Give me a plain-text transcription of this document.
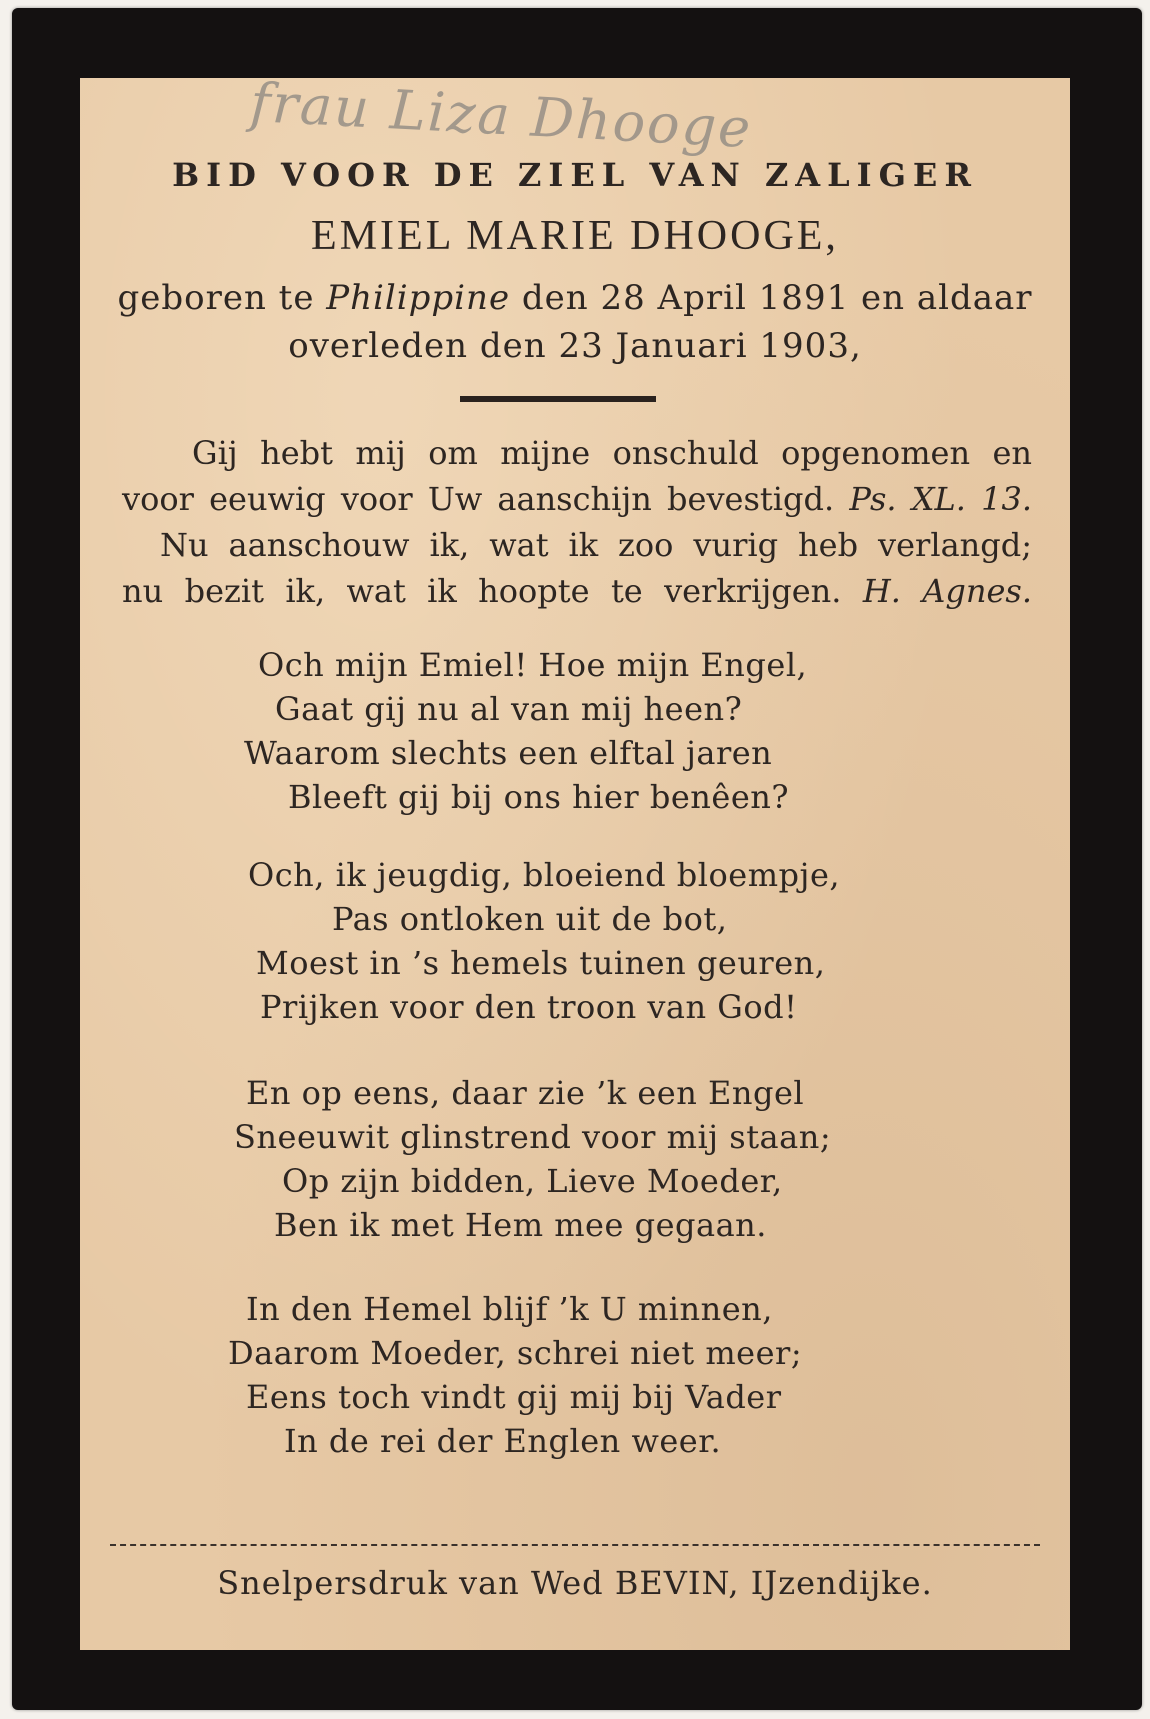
frau Liza Dhooge
BID VOOR DE ZIEL VAN ZALIGER
EMIEL MARIE DHOOGE,
geboren te Philippine den 28 April 1891 en aldaar
overleden den 23 Januari 1903,
Gij hebt mij om mijne onschuld opgenomen en
voor eeuwig voor Uw aanschijn bevestigd. Ps. XL. 13.
Nu aanschouw ik, wat ik zoo vurig heb verlangd;
nu bezit ik, wat ik hoopte te verkrijgen. H. Agnes.
Och mijn Emiel! Hoe mijn Engel,
Gaat gij nu al van mij heen?
Waarom slechts een elftal jaren
Bleeft gij bij ons hier benêen?
Och, ik jeugdig, bloeiend bloempje,
Pas ontloken uit de bot,
Moest in ’s hemels tuinen geuren,
Prijken voor den troon van God!
En op eens, daar zie ’k een Engel
Sneeuwit glinstrend voor mij staan;
Op zijn bidden, Lieve Moeder,
Ben ik met Hem mee gegaan.
In den Hemel blijf ’k U minnen,
Daarom Moeder, schrei niet meer;
Eens toch vindt gij mij bij Vader
In de rei der Englen weer.
Snelpersdruk van Wed BEVIN, IJzendijke.
